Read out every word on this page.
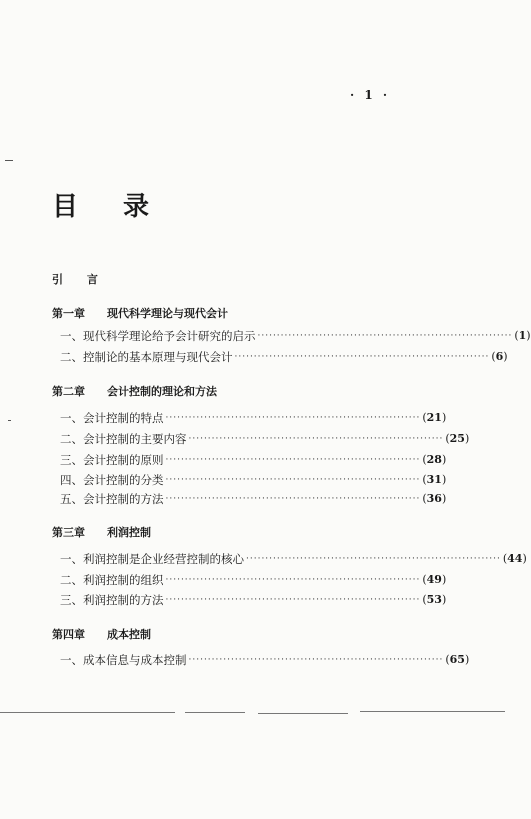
· 1 ·
目 录
引 言
第一章 现代科学理论与现代会计
一、现代科学理论给予会计研究的启示 ·································································· ( 1 )
二、控制论的基本原理与现代会计 ·································································· ( 6 )
第二章 会计控制的理论和方法
一、会计控制的特点 ·································································· ( 21 )
二、会计控制的主要内容 ·································································· ( 25 )
三、会计控制的原则 ·································································· ( 28 )
四、会计控制的分类 ·································································· ( 31 )
五、会计控制的方法 ·································································· ( 36 )
第三章 利润控制
一、利润控制是企业经营控制的核心 ·································································· ( 44 )
二、利润控制的组织 ·································································· ( 49 )
三、利润控制的方法 ·································································· ( 53 )
第四章 成本控制
一、成本信息与成本控制 ·································································· ( 65 )
